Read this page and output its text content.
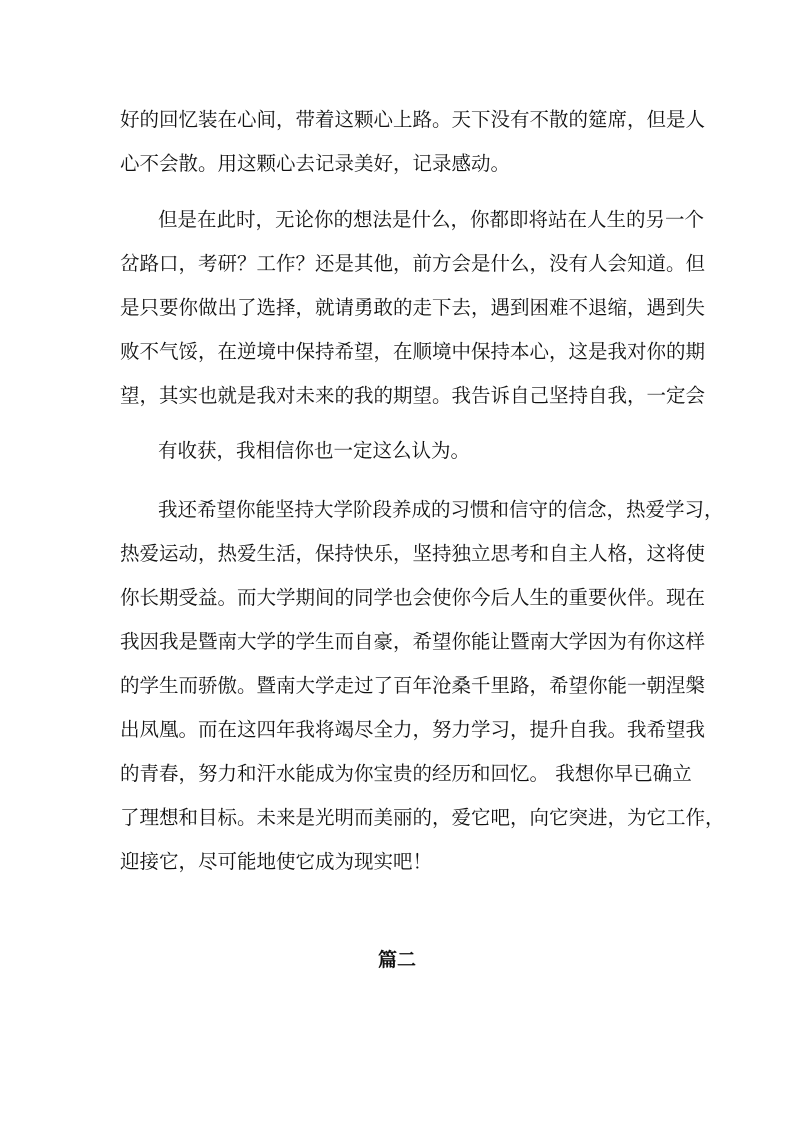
好的回忆装在心间，带着这颗心上路。天下没有不散的筵席，但是人
心不会散。用这颗心去记录美好，记录感动。
但是在此时，无论你的想法是什么，你都即将站在人生的另一个
岔路口，考研？工作？还是其他，前方会是什么，没有人会知道。但
是只要你做出了选择，就请勇敢的走下去，遇到困难不退缩，遇到失
败不气馁，在逆境中保持希望，在顺境中保持本心，这是我对你的期
望，其实也就是我对未来的我的期望。我告诉自己坚持自我，一定会
有收获，我相信你也一定这么认为。
我还希望你能坚持大学阶段养成的习惯和信守的信念，热爱学习，
热爱运动，热爱生活，保持快乐，坚持独立思考和自主人格，这将使
你长期受益。而大学期间的同学也会使你今后人生的重要伙伴。现在
我因我是暨南大学的学生而自豪，希望你能让暨南大学因为有你这样
的学生而骄傲。暨南大学走过了百年沧桑千里路，希望你能一朝涅槃
出凤凰。而在这四年我将竭尽全力，努力学习，提升自我。我希望我
的青春，努力和汗水能成为你宝贵的经历和回忆。 我想你早已确立
了理想和目标。未来是光明而美丽的，爱它吧，向它突进，为它工作，
迎接它，尽可能地使它成为现实吧！
篇二
